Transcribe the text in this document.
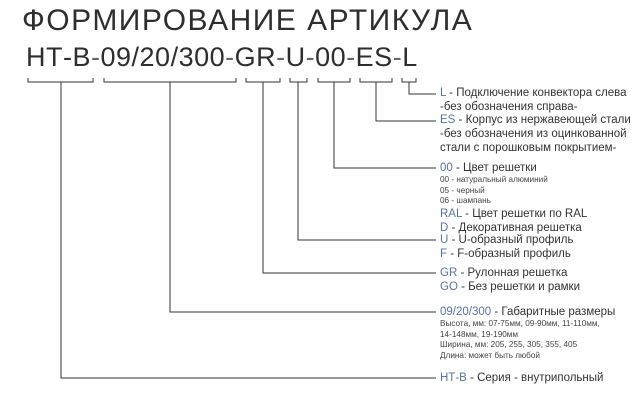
ФОРМИРОВАНИЕ АРТИКУЛА
НТ-В-09/20/300-GR-U-00-ES-L
L - Подключение конвектора слева
-без обозначения справа-
ES - Корпус из нержавеющей стали
-без обозначения из оцинкованной
стали с порошковым покрытием-
00 - Цвет решетки
00 - натуральный алюминий
05 - черный
06 - шампань
RAL - Цвет решетки по RAL
D - Декоративная решетка
U - U-образный профиль
F - F-образный профиль
GR - Рулонная решетка
GO - Без решетки и рамки
09/20/300 - Габаритные размеры
Высота, мм: 07-75мм, 09-90мм, 11-110мм,
14-148мм, 19-190мм
Ширина, мм: 205, 255, 305, 355, 405
Длина: может быть любой
НТ-В - Серия - внутрипольный
